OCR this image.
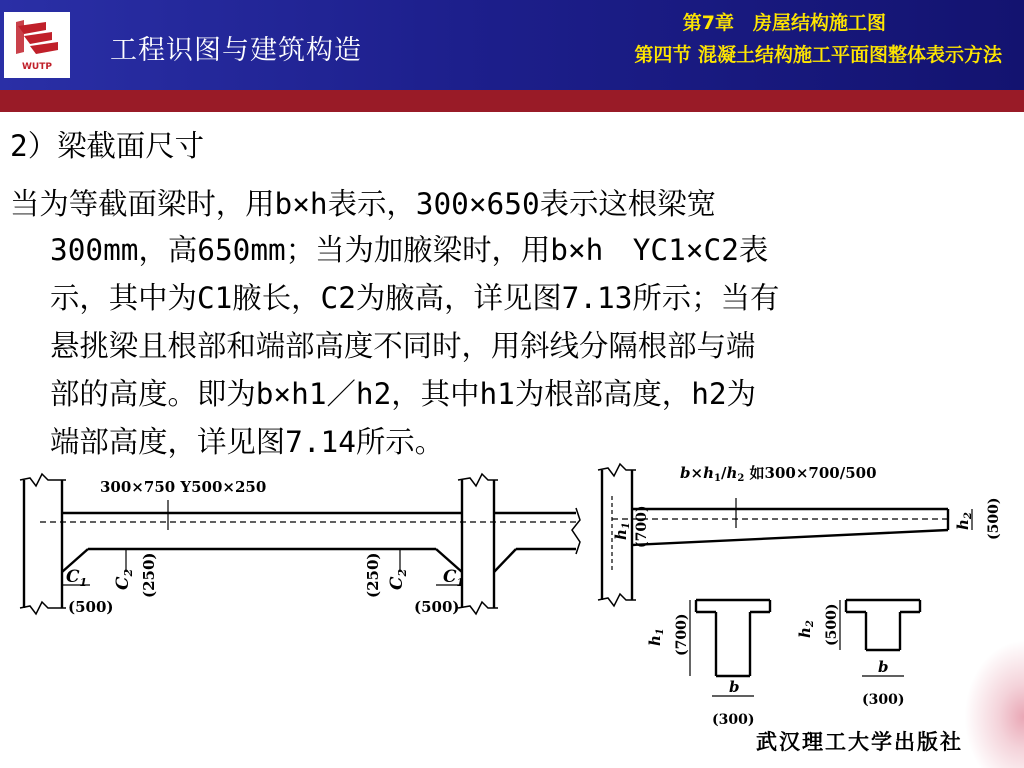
WUTP
工程识图与建筑构造
第7章　房屋结构施工图
第四节 混凝土结构施工平面图整体表示方法
2）梁截面尺寸
当为等截面梁时，用b×h表示，300×650表示这根梁宽
300mm，高650mm；当为加腋梁时，用b×h　YC1×C2表
示，其中为C1腋长，C2为腋高，详见图7.13所示；当有
悬挑梁且根部和端部高度不同时，用斜线分隔根部与端
部的高度。即为b×h1／h2，其中h1为根部高度，h2为
端部高度，详见图7.14所示。
300×750 Y500×250
$C_1$
(500)
$C_2$ (250)	$C_1$
(500)
(250) $C_2$
$b\times h_1/h_2$ 如300×700/500
$h_1$ (700)	$h_2$ (500)
$h_1$ (700)
b
(300)
$h_2$ (500)
b
(300)
武汉理工大学出版社
